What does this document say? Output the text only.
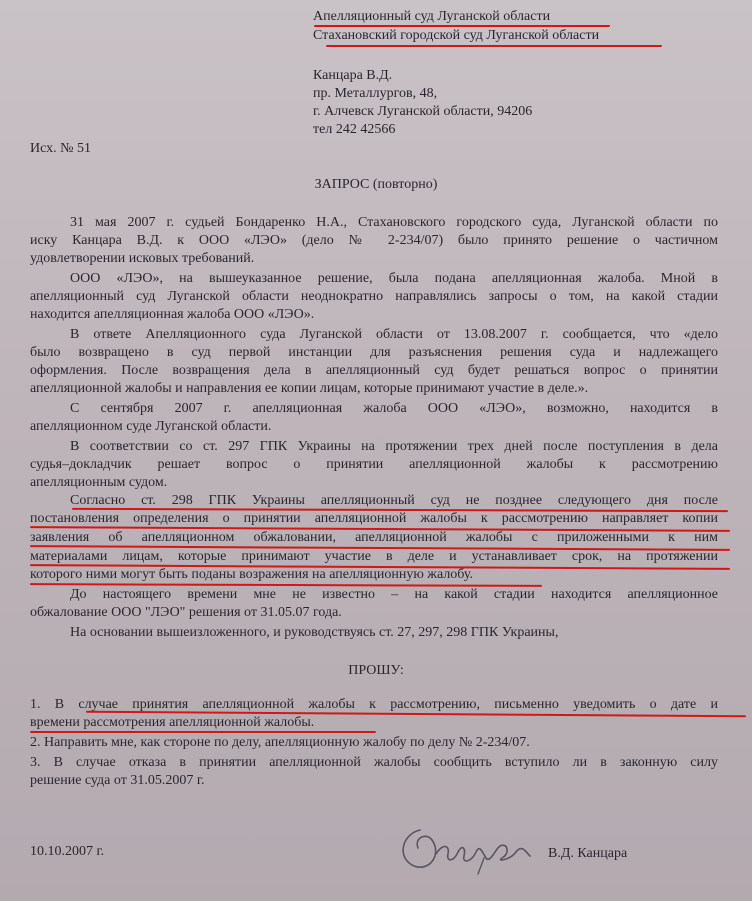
Апелляционный суд Луганской области
Стахановский городской суд Луганской области
Канцара В.Д.
пр. Металлургов, 48,
г. Алчевск Луганской области, 94206
тел 242 42566
Исх. № 51
ЗАПРОС (повторно)
31 мая 2007 г. судьей Бондаренко Н.А., Стахановского городского суда, Луганской области по
иску Канцара В.Д. к ООО «ЛЭО» (дело № 2-234/07) было принято решение о частичном
удовлетворении исковых требований.
ООО «ЛЭО», на вышеуказанное решение, была подана апелляционная жалоба. Мной в
апелляционный суд Луганской области неоднократно направлялись запросы о том, на какой стадии
находится апелляционная жалоба ООО «ЛЭО».
В ответе Апелляционного суда Луганской области от 13.08.2007 г. сообщается, что «дело
было возвращено в суд первой инстанции для разъяснения решения суда и надлежащего
оформления. После возвращения дела в апелляционный суд будет решаться вопрос о принятии
апелляционной жалобы и направления ее копии лицам, которые принимают участие в деле.».
С сентября 2007 г. апелляционная жалоба ООО «ЛЭО», возможно, находится в
апелляционном суде Луганской области.
В соответствии со ст. 297 ГПК Украины на протяжении трех дней после поступления в дела
судья–докладчик решает вопрос о принятии апелляционной жалобы к рассмотрению
апелляционным судом.
Согласно ст. 298 ГПК Украины апелляционный суд не позднее следующего дня после
постановления определения о принятии апелляционной жалобы к рассмотрению направляет копии
заявления об апелляционном обжаловании, апелляционной жалобы с приложенными к ним
материалами лицам, которые принимают участие в деле и устанавливает срок, на протяжении
которого ними могут быть поданы возражения на апелляционную жалобу.
До настоящего времени мне не известно – на какой стадии находится апелляционное
обжалование ООО "ЛЭО" решения от 31.05.07 года.
На основании вышеизложенного, и руководствуясь ст. 27, 297, 298 ГПК Украины,
ПРОШУ:
1. В случае принятия апелляционной жалобы к рассмотрению, письменно уведомить о дате и
времени рассмотрения апелляционной жалобы.
2. Направить мне, как стороне по делу, апелляционную жалобу по делу № 2-234/07.
3. В случае отказа в принятии апелляционной жалобы сообщить вступило ли в законную силу
решение суда от 31.05.2007 г.
10.10.2007 г.	В.Д. Канцара
